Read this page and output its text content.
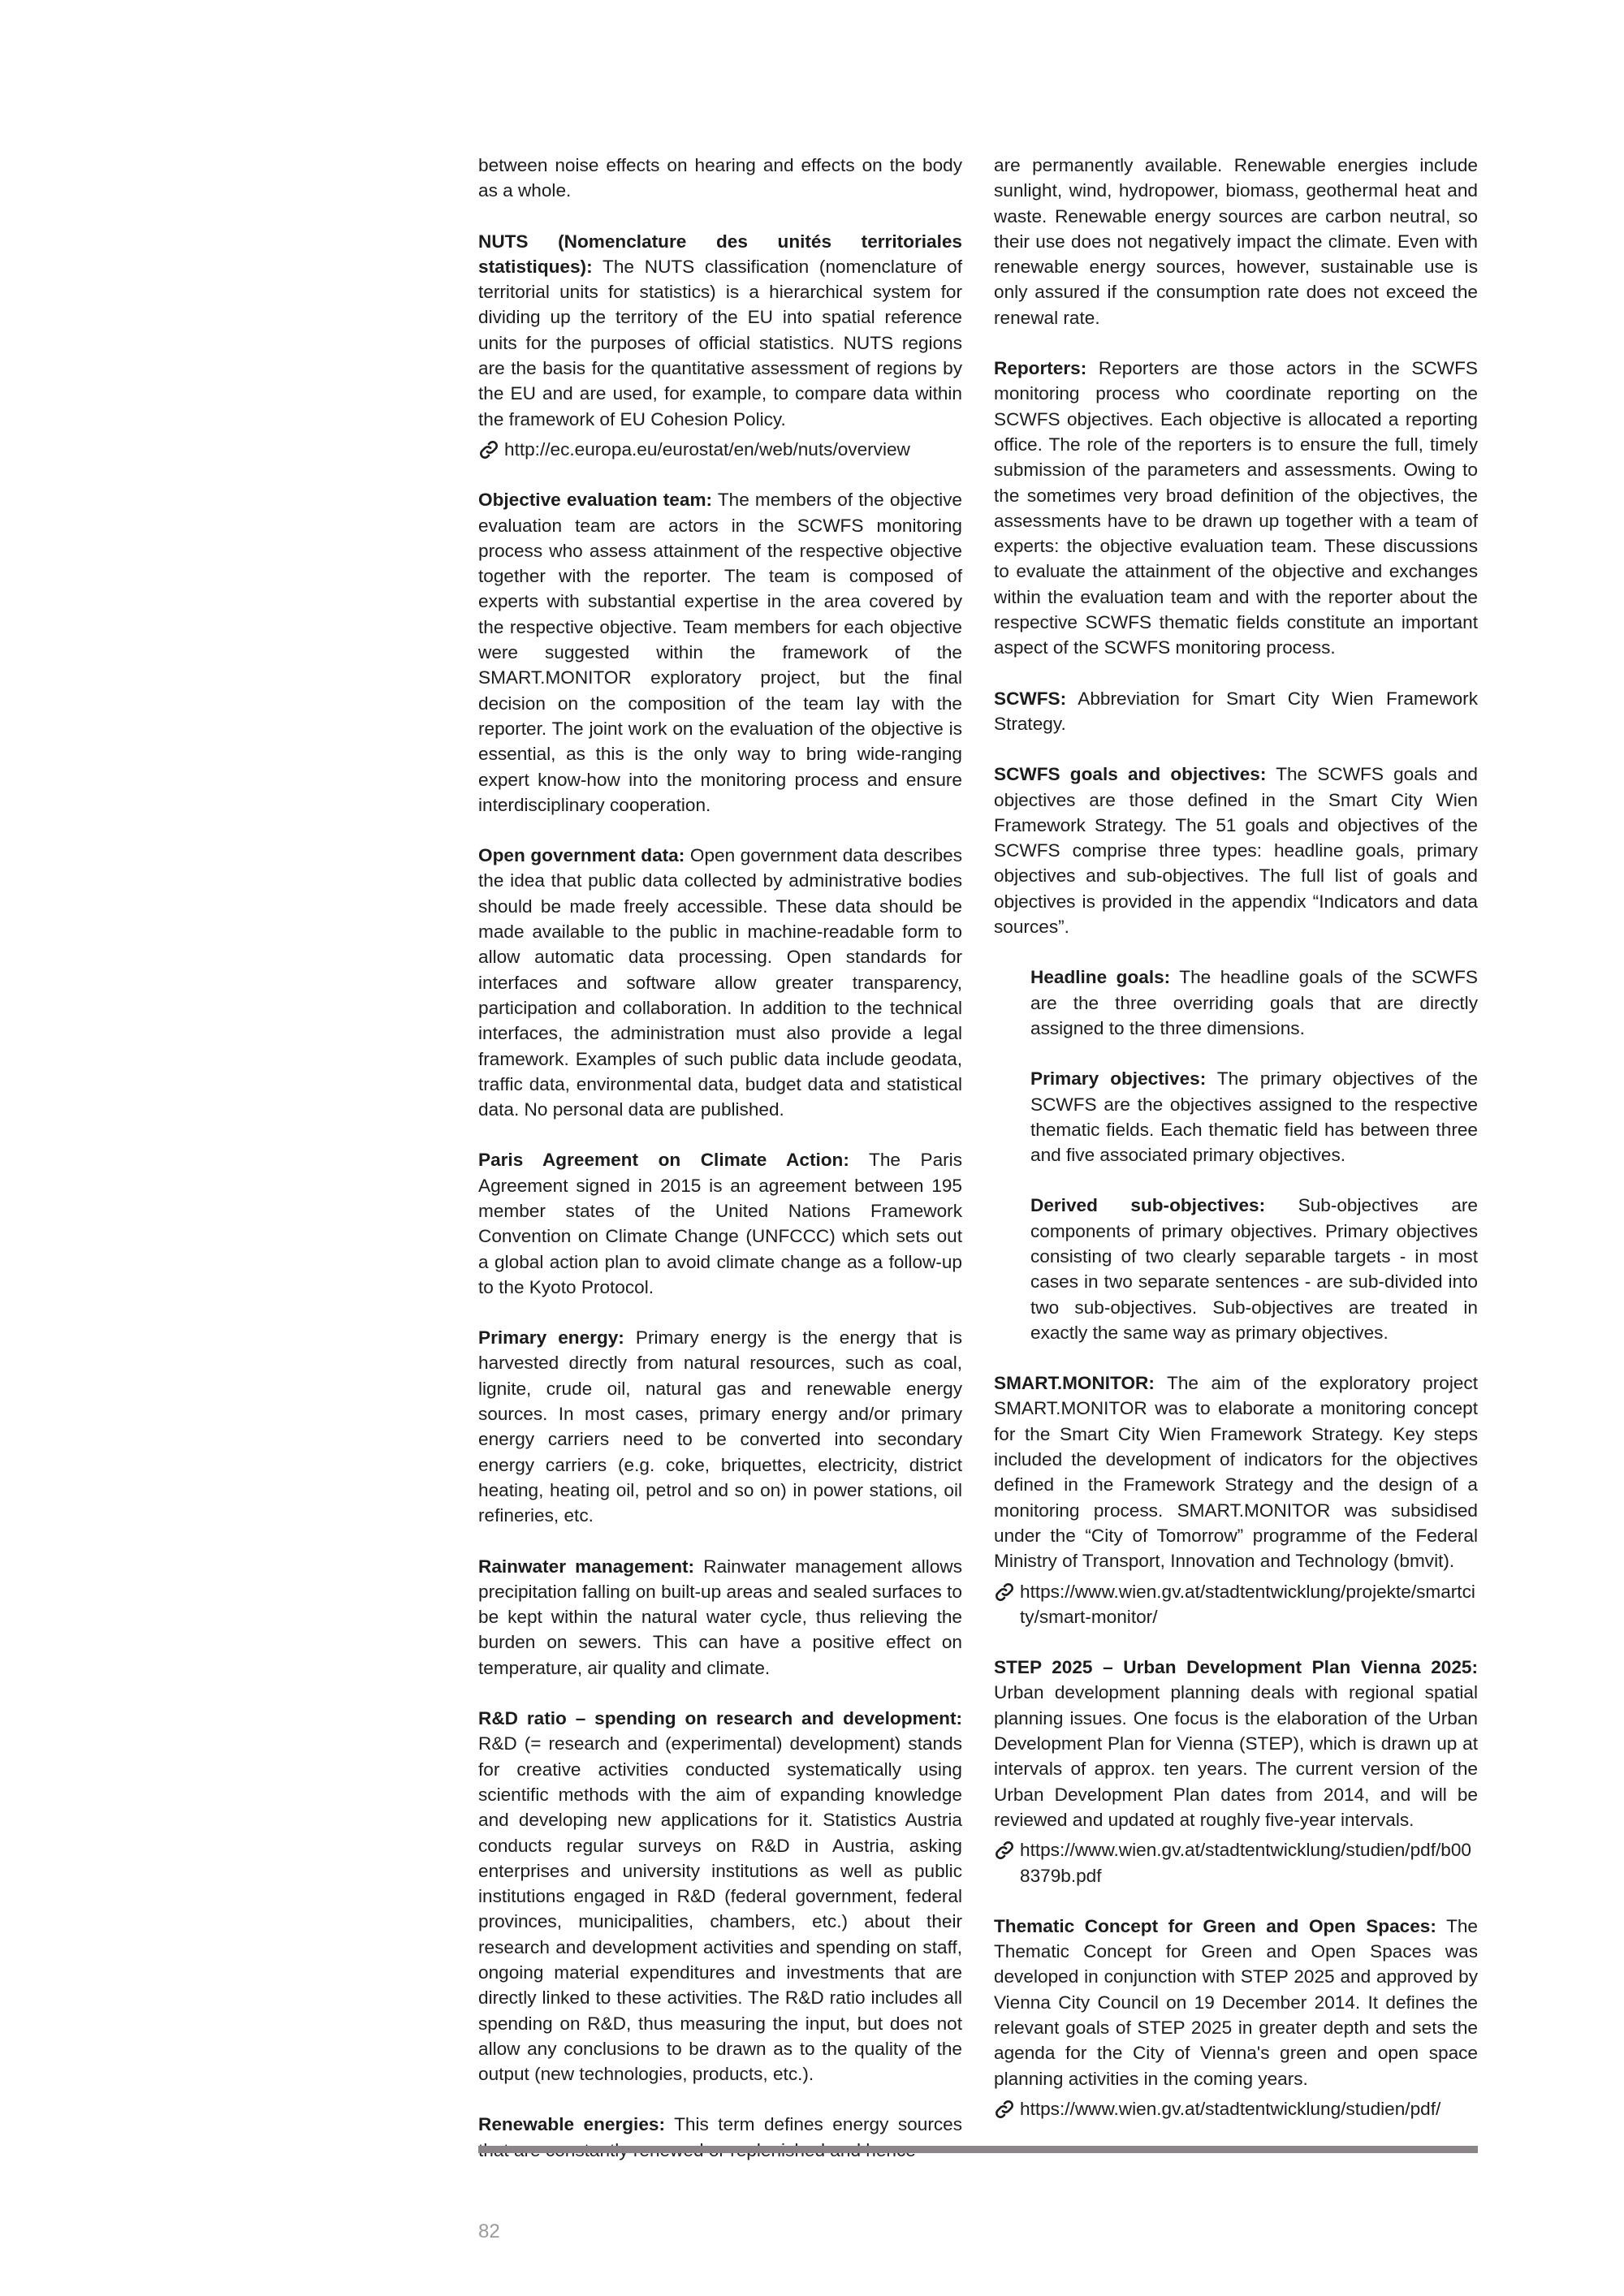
between noise effects on hearing and effects on the body as a whole.
NUTS (Nomenclature des unités territoriales statistiques): The NUTS classification (nomenclature of territorial units for statistics) is a hierarchical system for dividing up the territory of the EU into spatial reference units for the purposes of official statistics. NUTS regions are the basis for the quantitative assessment of regions by the EU and are used, for example, to compare data within the framework of EU Cohesion Policy.
http://ec.europa.eu/eurostat/en/web/nuts/overview
Objective evaluation team: The members of the objective evaluation team are actors in the SCWFS monitoring process who assess attainment of the respective objective together with the reporter. The team is composed of experts with substantial expertise in the area covered by the respective objective. Team members for each objective were suggested within the framework of the SMART.MONITOR exploratory project, but the final decision on the composition of the team lay with the reporter. The joint work on the evaluation of the objective is essential, as this is the only way to bring wide-ranging expert know-how into the monitoring process and ensure interdisciplinary cooperation.
Open government data: Open government data describes the idea that public data collected by administrative bodies should be made freely accessible. These data should be made available to the public in machine-readable form to allow automatic data processing. Open standards for interfaces and software allow greater transparency, participation and collaboration. In addition to the technical interfaces, the administration must also provide a legal framework. Examples of such public data include geodata, traffic data, environmental data, budget data and statistical data. No personal data are published.
Paris Agreement on Climate Action: The Paris Agreement signed in 2015 is an agreement between 195 member states of the United Nations Framework Convention on Climate Change (UNFCCC) which sets out a global action plan to avoid climate change as a follow-up to the Kyoto Protocol.
Primary energy: Primary energy is the energy that is harvested directly from natural resources, such as coal, lignite, crude oil, natural gas and renewable energy sources. In most cases, primary energy and/or primary energy carriers need to be converted into secondary energy carriers (e.g. coke, briquettes, electricity, district heating, heating oil, petrol and so on) in power stations, oil refineries, etc.
Rainwater management: Rainwater management allows precipitation falling on built-up areas and sealed surfaces to be kept within the natural water cycle, thus relieving the burden on sewers. This can have a positive effect on temperature, air quality and climate.
R&D ratio – spending on research and development: R&D (= research and (experimental) development) stands for creative activities conducted systematically using scientific methods with the aim of expanding knowledge and developing new applications for it. Statistics Austria conducts regular surveys on R&D in Austria, asking enterprises and university institutions as well as public institutions engaged in R&D (federal government, federal provinces, municipalities, chambers, etc.) about their research and development activities and spending on staff, ongoing material expenditures and investments that are directly linked to these activities. The R&D ratio includes all spending on R&D, thus measuring the input, but does not allow any conclusions to be drawn as to the quality of the output (new technologies, products, etc.).
Renewable energies: This term defines energy sources
are permanently available. Renewable energies include sunlight, wind, hydropower, biomass, geothermal heat and waste. Renewable energy sources are carbon neutral, so their use does not negatively impact the climate. Even with renewable energy sources, however, sustainable use is only assured if the consumption rate does not exceed the renewal rate.
Reporters: Reporters are those actors in the SCWFS monitoring process who coordinate reporting on the SCWFS objectives. Each objective is allocated a reporting office. The role of the reporters is to ensure the full, timely submission of the parameters and assessments. Owing to the sometimes very broad definition of the objectives, the assessments have to be drawn up together with a team of experts: the objective evaluation team. These discussions to evaluate the attainment of the objective and exchanges within the evaluation team and with the reporter about the respective SCWFS thematic fields constitute an important aspect of the SCWFS monitoring process.
SCWFS: Abbreviation for Smart City Wien Framework Strategy.
SCWFS goals and objectives: The SCWFS goals and objectives are those defined in the Smart City Wien Framework Strategy. The 51 goals and objectives of the SCWFS comprise three types: headline goals, primary objectives and sub-objectives. The full list of goals and objectives is provided in the appendix “Indicators and data sources”.
Headline goals: The headline goals of the SCWFS are the three overriding goals that are directly assigned to the three dimensions.
Primary objectives: The primary objectives of the SCWFS are the objectives assigned to the respective thematic fields. Each thematic field has between three and five associated primary objectives.
Derived sub-objectives: Sub-objectives are components of primary objectives. Primary objectives consisting of two clearly separable targets - in most cases in two separate sentences - are sub-divided into two sub-objectives. Sub-objectives are treated in exactly the same way as primary objectives.
SMART.MONITOR: The aim of the exploratory project SMART.MONITOR was to elaborate a monitoring concept for the Smart City Wien Framework Strategy. Key steps included the development of indicators for the objectives defined in the Framework Strategy and the design of a monitoring process. SMART.MONITOR was subsidised under the “City of Tomorrow” programme of the Federal Ministry of Transport, Innovation and Technology (bmvit).
https://www.wien.gv.at/stadtentwicklung/projekte/smartcity/smart-monitor/
STEP 2025 – Urban Development Plan Vienna 2025: Urban development planning deals with regional spatial planning issues. One focus is the elaboration of the Urban Development Plan for Vienna (STEP), which is drawn up at intervals of approx. ten years. The current version of the Urban Development Plan dates from 2014, and will be reviewed and updated at roughly five-year intervals.
https://www.wien.gv.at/stadtentwicklung/studien/pdf/b008379b.pdf
Thematic Concept for Green and Open Spaces: The Thematic Concept for Green and Open Spaces was developed in conjunction with STEP 2025 and approved by Vienna City Council on 19 December 2014. It defines the relevant goals of STEP 2025 in greater depth and sets the agenda for the City of Vienna's green and open space planning activities in the coming years.
https://www.wien.gv.at/stadtentwicklung/studien/pdf/
82
